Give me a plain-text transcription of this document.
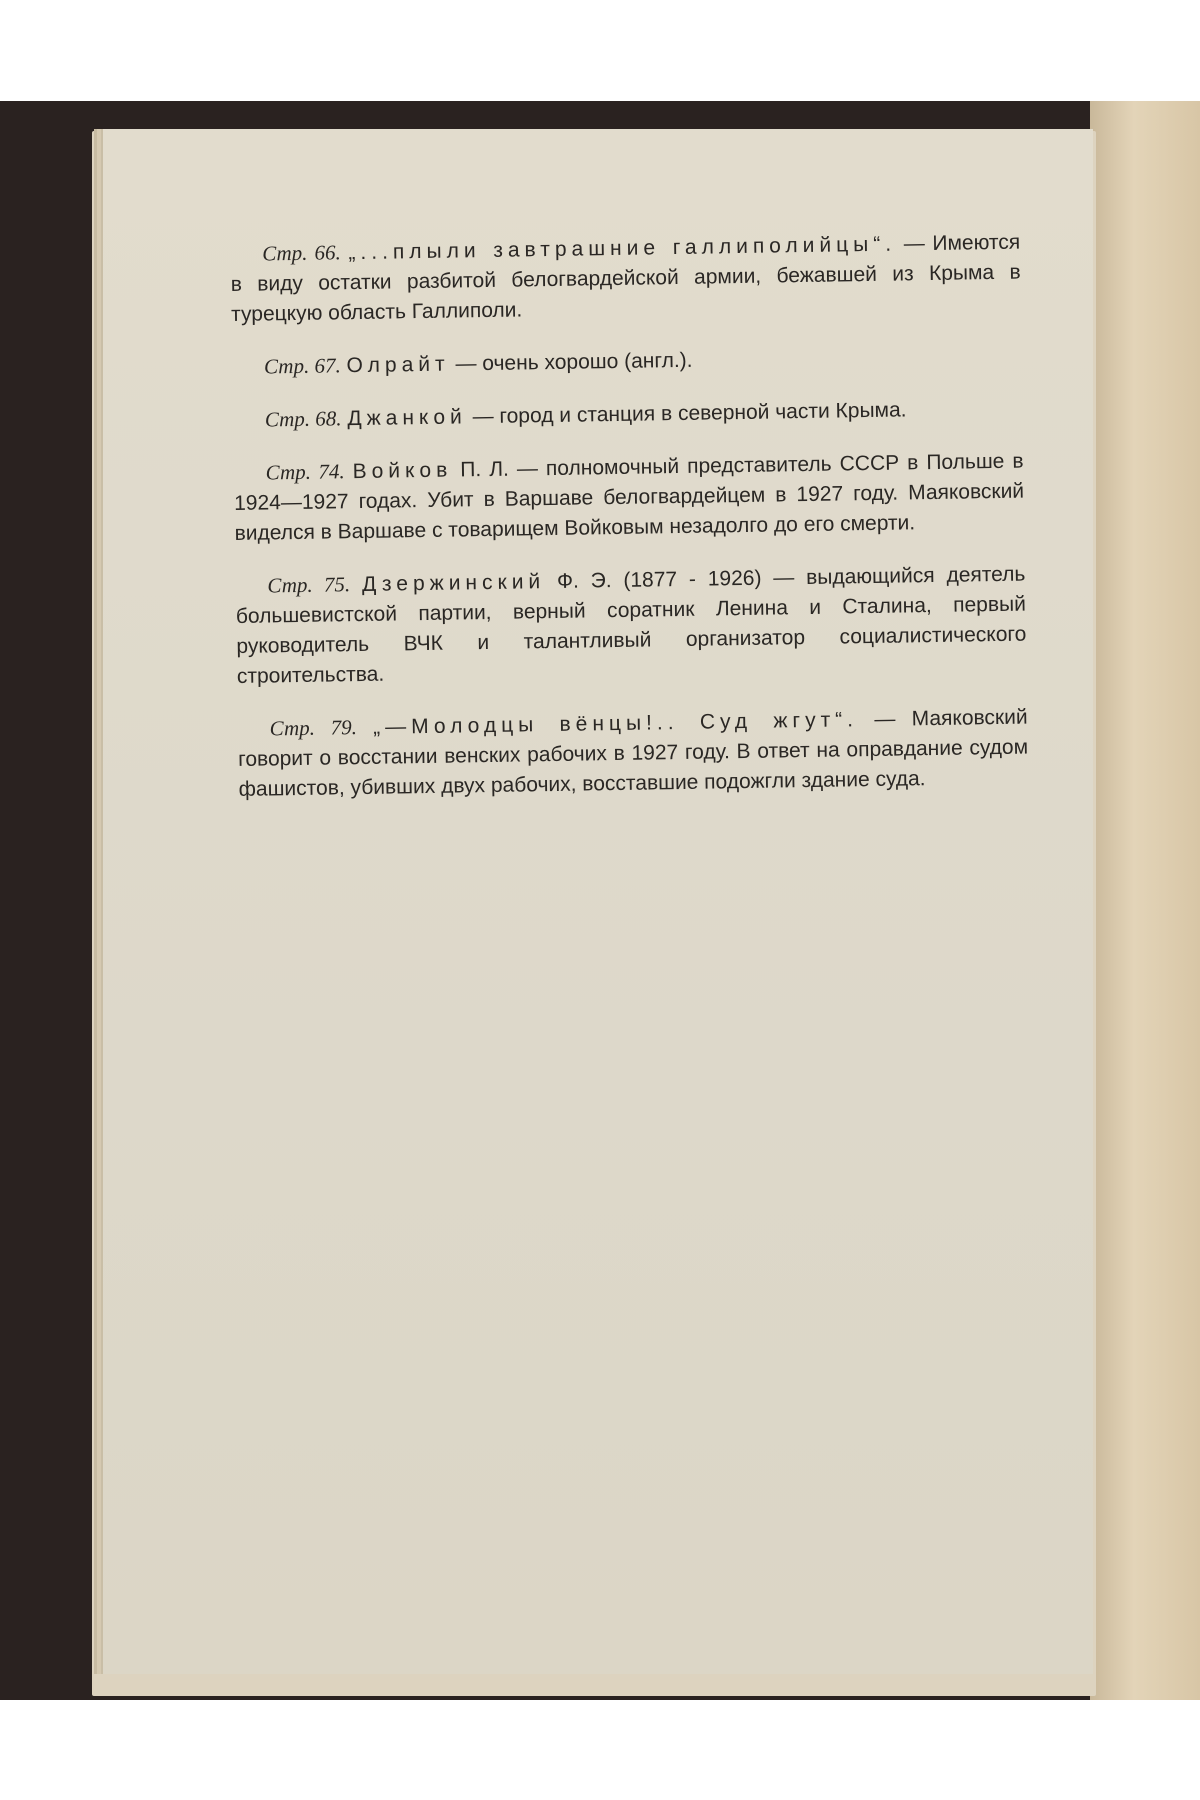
Стр. 66. „...плыли завтрашние галлиполийцы“. — Имеются в виду остатки разбитой белогвардейской армии, бежавшей из Крыма в турецкую область Галлиполи.

Стр. 67. Олрайт — очень хорошо (англ.).

Стр. 68. Джанкой — город и станция в северной части Крыма.

Стр. 74. Войков П. Л. — полномочный представитель СССР в Польше в 1924—1927 годах. Убит в Варшаве белогвардейцем в 1927 году. Маяковский виделся в Варшаве с товарищем Войковым незадолго до его смерти.

Стр. 75. Дзержинский Ф. Э. (1877 - 1926) — выдающийся деятель большевистской партии, верный соратник Ленина и Сталина, первый руководитель ВЧК и талантливый организатор социалистического строительства.

Стр. 79. „—Молодцы вёнцы!.. Суд жгут“. — Маяковский говорит о восстании венских рабочих в 1927 году. В ответ на оправдание судом фашистов, убивших двух рабочих, восставшие подожгли здание суда.
